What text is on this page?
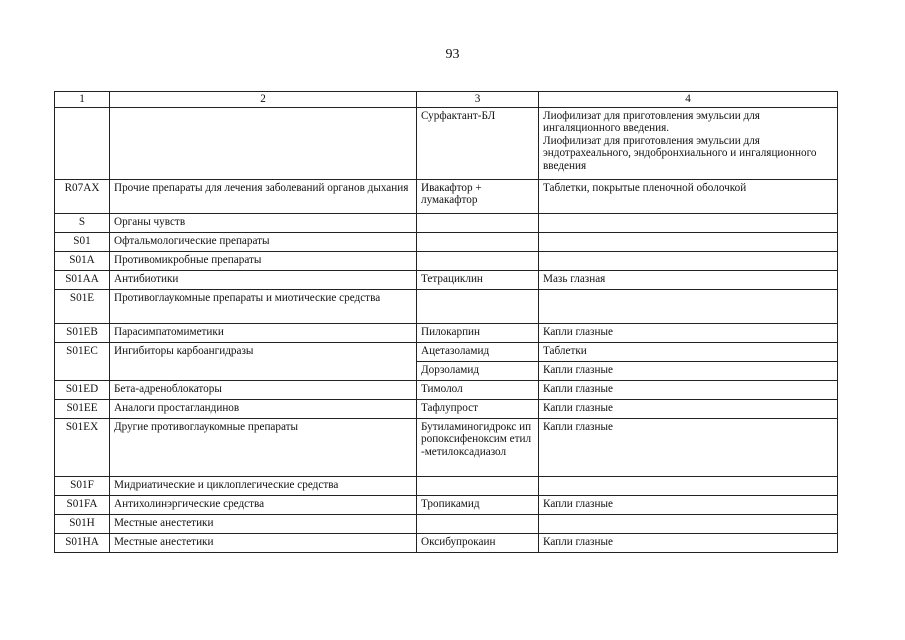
93
1	2	3	4
		Сурфактант-БЛ	Лиофилизат для приготовления эмульсии для ингаляционного введения.
Лиофилизат для приготовления эмульсии для эндотрахеального, эндобронхиального и ингаляционного введения

R07AX	Прочие препараты для лечения заболеваний органов дыхания	Ивакафтор + лумакафтор	Таблетки, покрытые пленочной оболочкой
S	Органы чувств		
S01	Офтальмологические препараты		
S01A	Противомикробные препараты		
S01AA	Антибиотики	Тетрациклин	Мазь глазная
S01E	Противоглаукомные препараты и миотические средства		
S01EB	Парасимпатомиметики	Пилокарпин	Капли глазные
S01EC	Ингибиторы карбоангидразы	Ацетазоламид	Таблетки
		Дорзоламид	Капли глазные
S01ED	Бета-адреноблокаторы	Тимолол	Капли глазные
S01EE	Аналоги простагландинов	Тафлупрост	Капли глазные
S01EX	Другие противоглаукомные препараты	Бутиламиногидрокс ипропоксифеноксим етил-метилоксадиазол	Капли глазные
S01F	Мидриатические и циклоплегические средства		
S01FA	Антихолинэргические средства	Тропикамид	Капли глазные
S01H	Местные анестетики		
S01HA	Местные анестетики	Оксибупрокаин	Капли глазные
